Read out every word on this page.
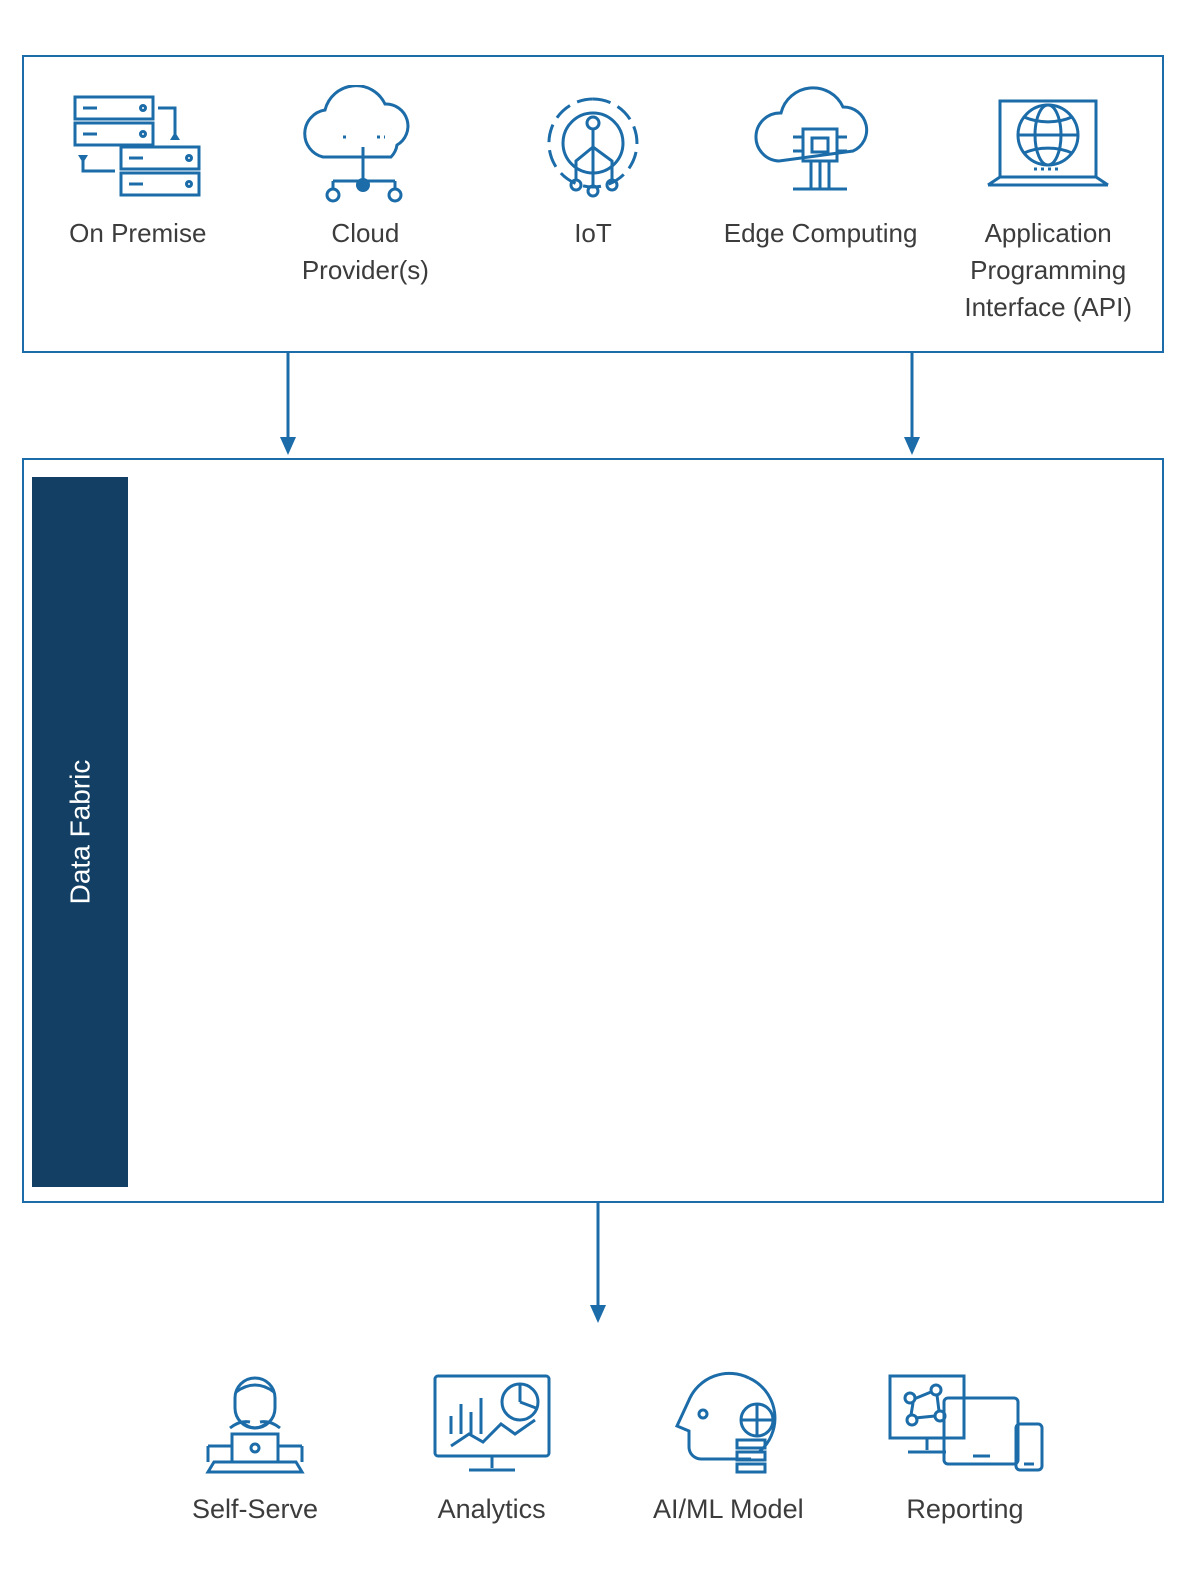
On Premise	Cloud Provider(s)
IoT	Edge Computing	Application Programming Interface (API)
Data Fabric
Self-Serve	Analytics	AI/ML Model	Reporting
